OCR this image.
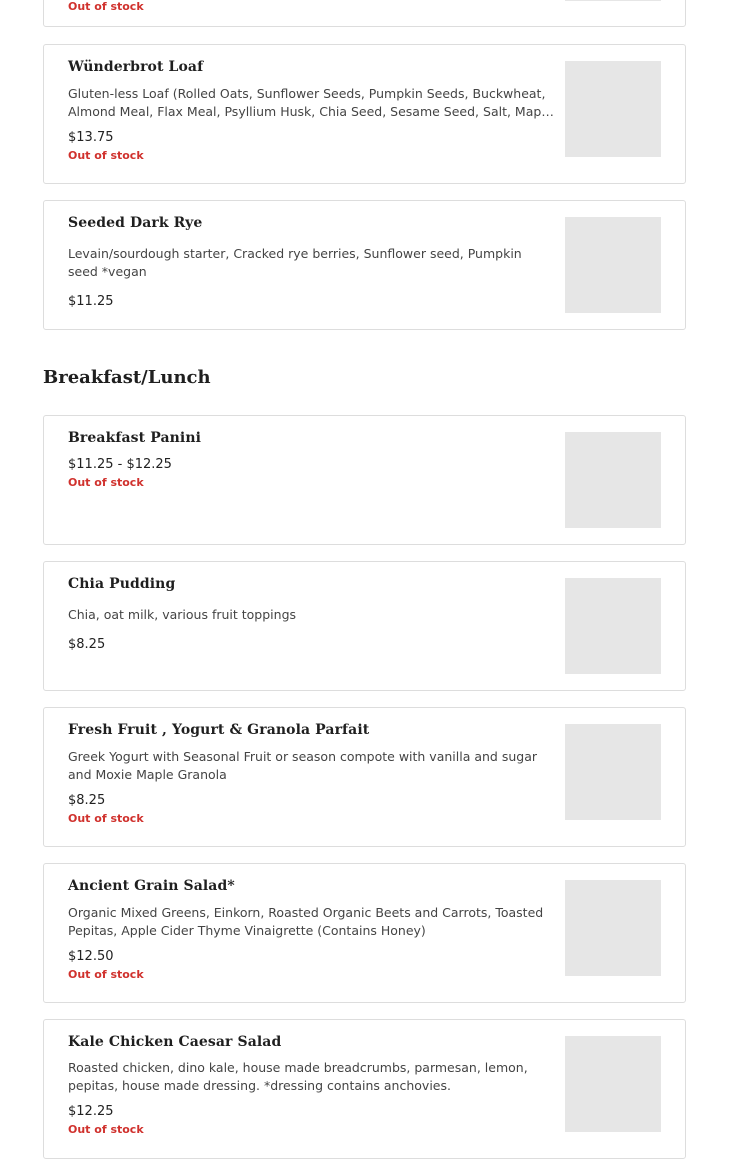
Out of stock

Wünderbrot Loaf

Gluten-less Loaf (Rolled Oats, Sunflower Seeds, Pumpkin Seeds, Buckwheat, Almond Meal, Flax Meal, Psyllium Husk, Chia Seed, Sesame Seed, Salt, Maple

$13.75

Out of stock

Seeded Dark Rye

Levain/sourdough starter, Cracked rye berries, Sunflower seed, Pumpkin seed *vegan

$11.25

Breakfast/Lunch
Breakfast Panini

$11.25 - $12.25

Out of stock

Chia Pudding

Chia, oat milk, various fruit toppings

$8.25

Fresh Fruit , Yogurt & Granola Parfait

Greek Yogurt with Seasonal Fruit or season compote with vanilla and sugar and Moxie Maple Granola

$8.25

Out of stock

Ancient Grain Salad*

Organic Mixed Greens, Einkorn, Roasted Organic Beets and Carrots, Toasted Pepitas, Apple Cider Thyme Vinaigrette (Contains Honey)

$12.50

Out of stock

Kale Chicken Caesar Salad

Roasted chicken, dino kale, house made breadcrumbs, parmesan, lemon, pepitas, house made dressing. *dressing contains anchovies.

$12.25

Out of stock
